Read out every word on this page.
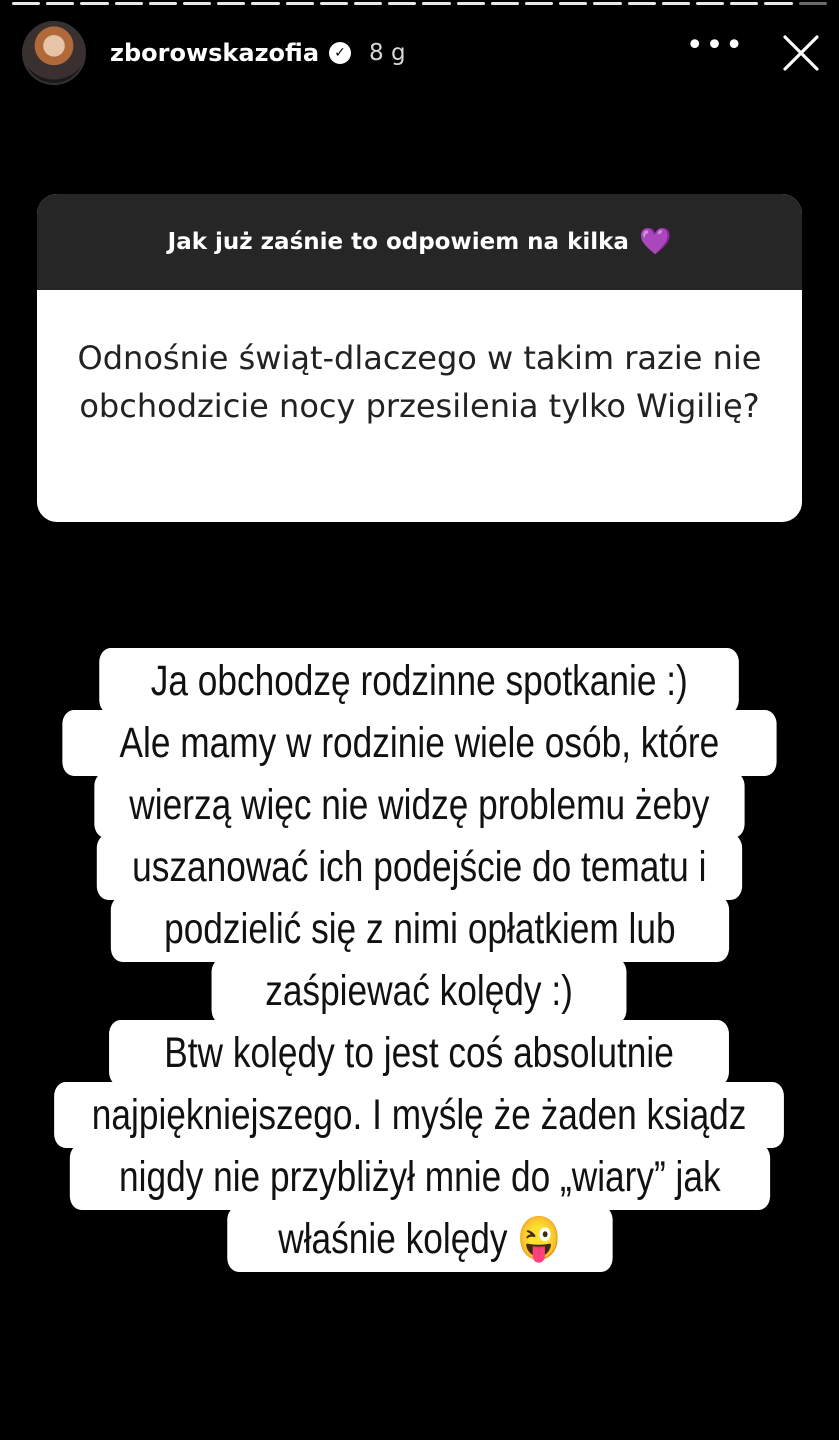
zborowskazofia	✓ 8 g	•••
Jak już zaśnie to odpowiem na kilka 💜
Odnośnie świąt-dlaczego w takim razie nie obchodzicie nocy przesilenia tylko Wigilię?
Ja obchodzę rodzinne spotkanie :)
Ale mamy w rodzinie wiele osób, które
wierzą więc nie widzę problemu żeby
uszanować ich podejście do tematu i
podzielić się z nimi opłatkiem lub
zaśpiewać kolędy :)
Btw kolędy to jest coś absolutnie
najpiękniejszego. I myślę że żaden ksiądz
nigdy nie przybliżył mnie do „wiary” jak
właśnie kolędy 😜
